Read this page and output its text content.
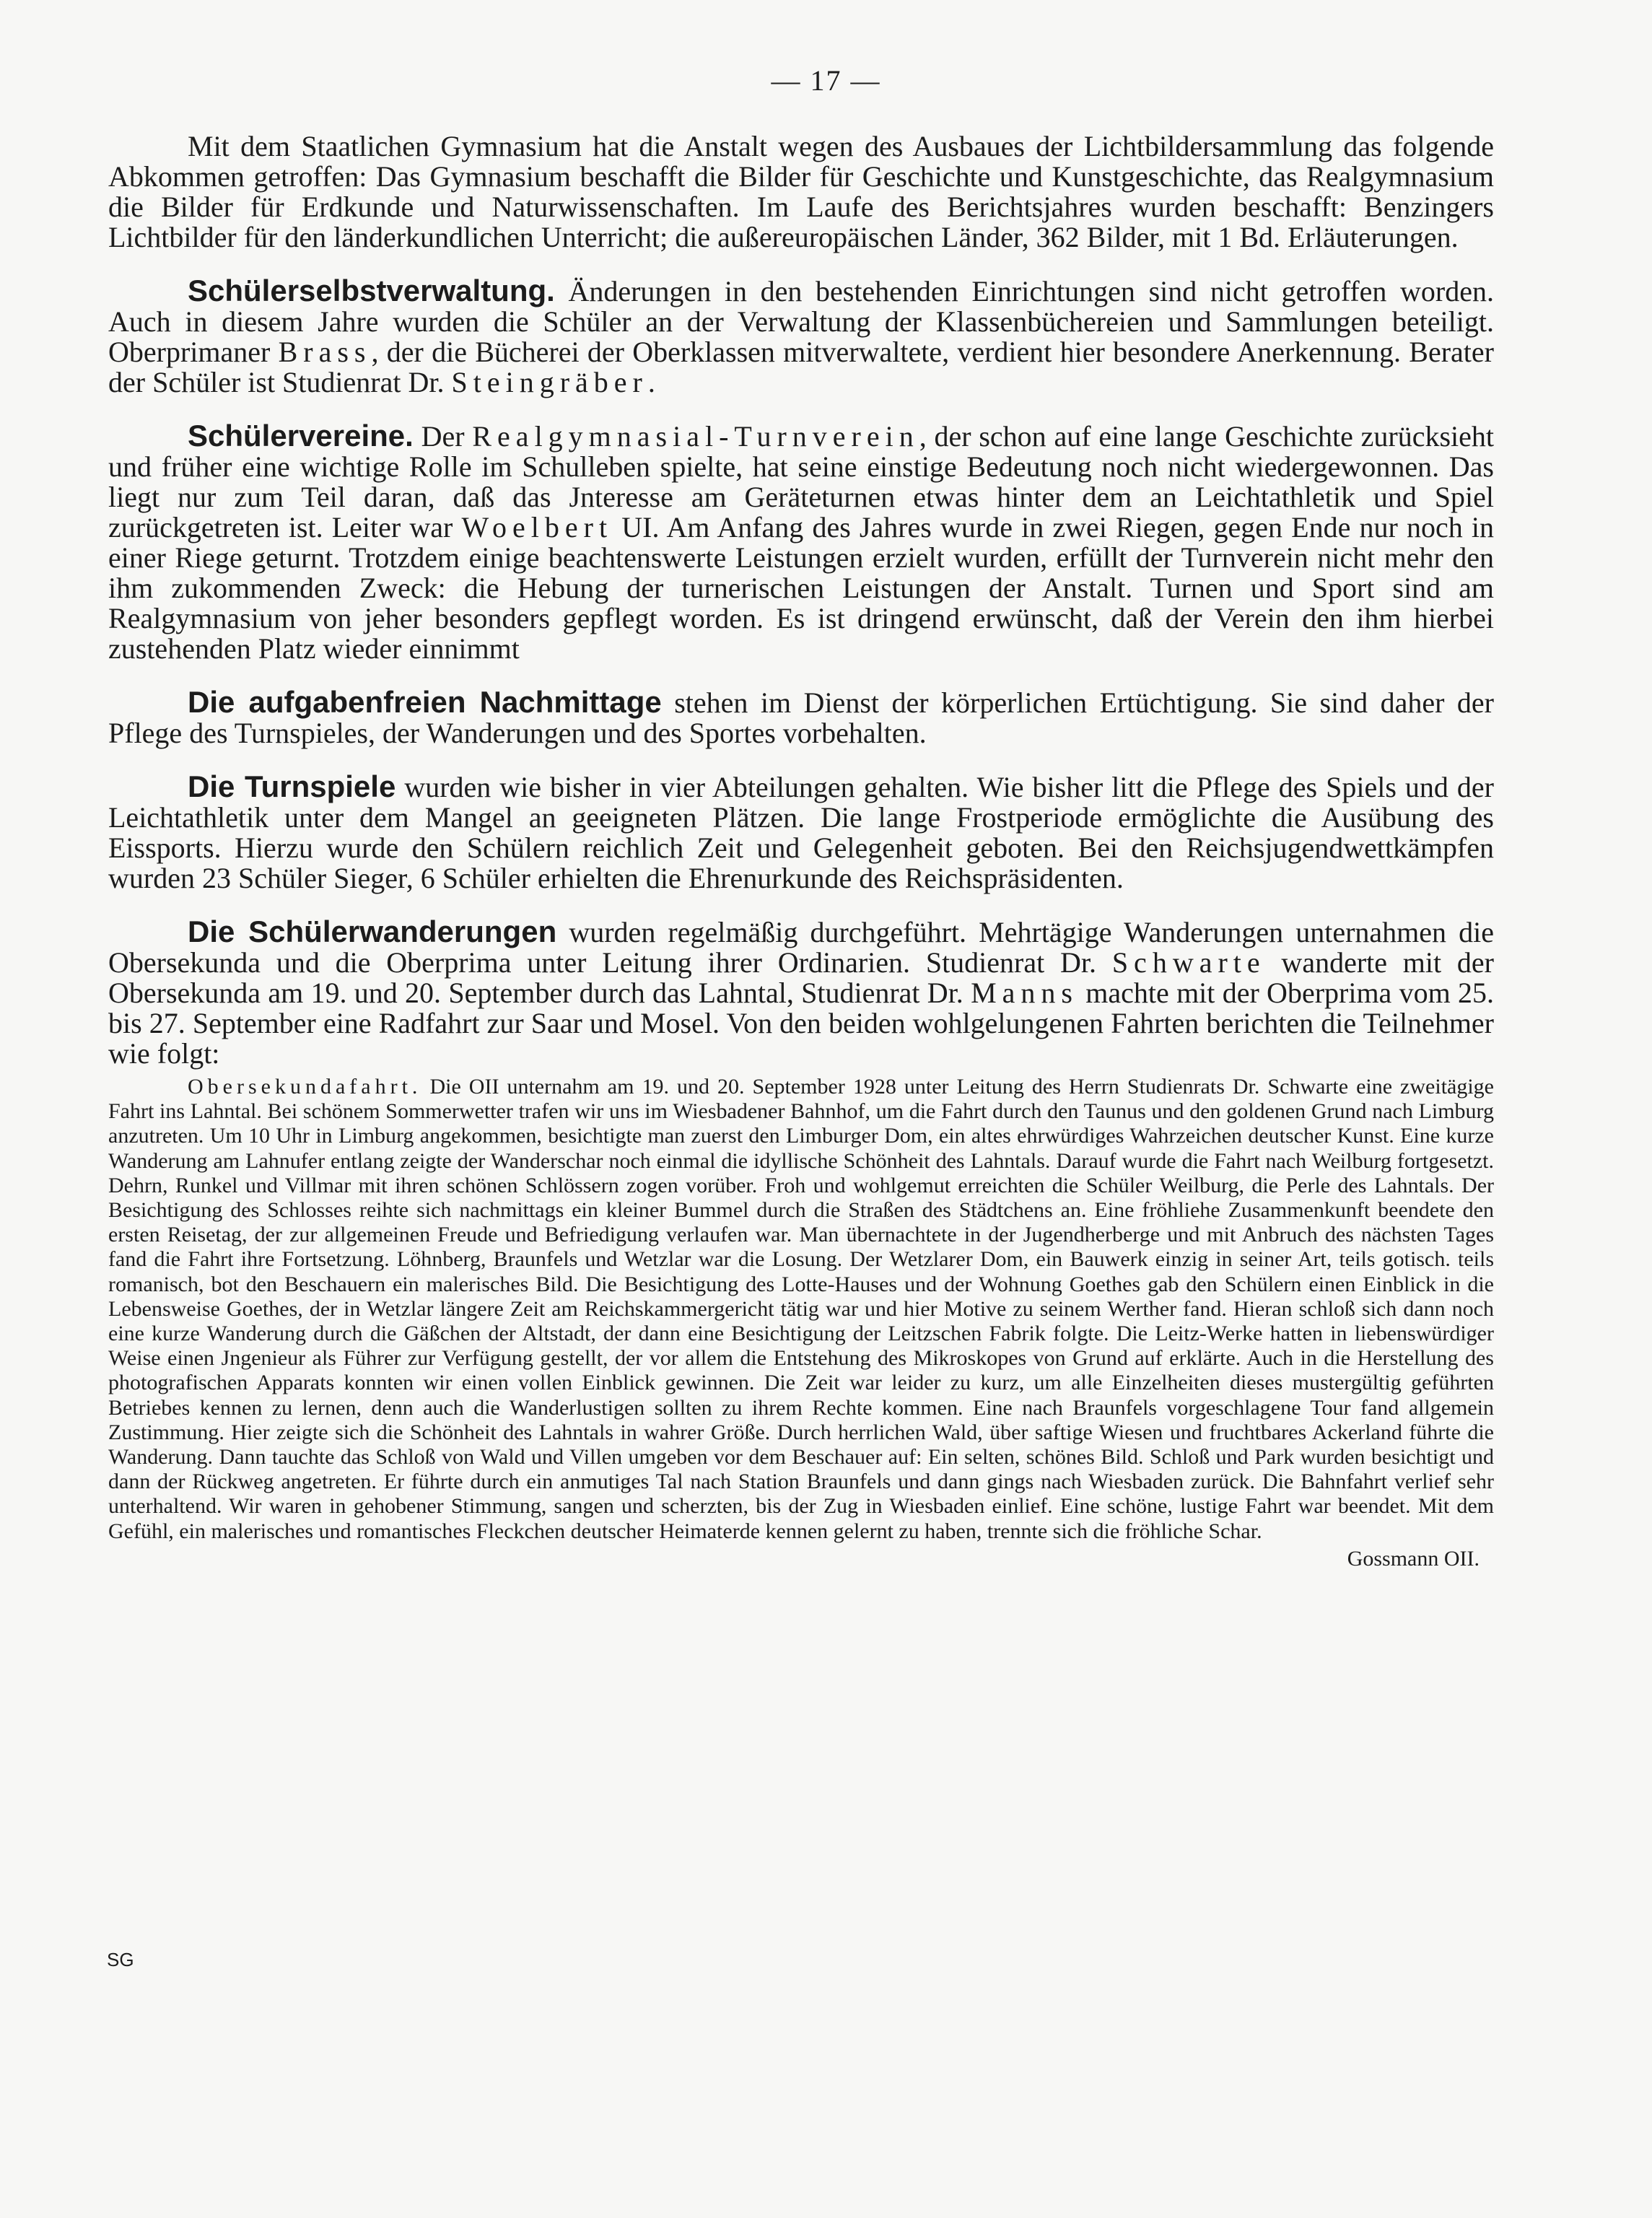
— 17 —

Mit dem Staatlichen Gymnasium hat die Anstalt wegen des Ausbaues der Lichtbildersammlung das folgende Abkommen getroffen: Das Gymnasium beschafft die Bilder für Geschichte und Kunstgeschichte, das Realgymnasium die Bilder für Erdkunde und Naturwissenschaften. Im Laufe des Berichtsjahres wurden beschafft: Benzingers Lichtbilder für den länderkundlichen Unterricht; die außereuropäischen Länder, 362 Bilder, mit 1 Bd. Erläuterungen.

Schülerselbstverwaltung. Änderungen in den bestehenden Einrichtungen sind nicht getroffen worden. Auch in diesem Jahre wurden die Schüler an der Verwaltung der Klassenbüchereien und Sammlungen beteiligt. Oberprimaner Brass, der die Bücherei der Oberklassen mitverwaltete, verdient hier besondere Anerkennung. Berater der Schüler ist Studienrat Dr. Steingräber.

Schülervereine. Der Realgymnasial-Turnverein, der schon auf eine lange Geschichte zurücksieht und früher eine wichtige Rolle im Schulleben spielte, hat seine einstige Bedeutung noch nicht wiedergewonnen. Das liegt nur zum Teil daran, daß das Jnteresse am Geräteturnen etwas hinter dem an Leichtathletik und Spiel zurückgetreten ist. Leiter war Woelbert UI. Am Anfang des Jahres wurde in zwei Riegen, gegen Ende nur noch in einer Riege geturnt. Trotzdem einige beachtenswerte Leistungen erzielt wurden, erfüllt der Turnverein nicht mehr den ihm zukommenden Zweck: die Hebung der turnerischen Leistungen der Anstalt. Turnen und Sport sind am Realgymnasium von jeher besonders gepflegt worden. Es ist dringend erwünscht, daß der Verein den ihm hierbei zustehenden Platz wieder einnimmt

Die aufgabenfreien Nachmittage stehen im Dienst der körperlichen Ertüchtigung. Sie sind daher der Pflege des Turnspieles, der Wanderungen und des Sportes vorbehalten.

Die Turnspiele wurden wie bisher in vier Abteilungen gehalten. Wie bisher litt die Pflege des Spiels und der Leichtathletik unter dem Mangel an geeigneten Plätzen. Die lange Frostperiode ermöglichte die Ausübung des Eissports. Hierzu wurde den Schülern reichlich Zeit und Gelegenheit geboten. Bei den Reichsjugendwettkämpfen wurden 23 Schüler Sieger, 6 Schüler erhielten die Ehrenurkunde des Reichspräsidenten.

Die Schülerwanderungen wurden regelmäßig durchgeführt. Mehrtägige Wanderungen unternahmen die Obersekunda und die Oberprima unter Leitung ihrer Ordinarien. Studienrat Dr. Schwarte wanderte mit der Obersekunda am 19. und 20. September durch das Lahntal, Studienrat Dr. Manns machte mit der Oberprima vom 25. bis 27. September eine Radfahrt zur Saar und Mosel. Von den beiden wohlgelungenen Fahrten berichten die Teilnehmer wie folgt:

Obersekundafahrt. Die OII unternahm am 19. und 20. September 1928 unter Leitung des Herrn Studienrats Dr. Schwarte eine zweitägige Fahrt ins Lahntal. Bei schönem Sommerwetter trafen wir uns im Wiesbadener Bahnhof, um die Fahrt durch den Taunus und den goldenen Grund nach Limburg anzutreten. Um 10 Uhr in Limburg angekommen, besichtigte man zuerst den Limburger Dom, ein altes ehrwürdiges Wahrzeichen deutscher Kunst. Eine kurze Wanderung am Lahnufer entlang zeigte der Wanderschar noch einmal die idyllische Schönheit des Lahntals. Darauf wurde die Fahrt nach Weilburg fortgesetzt. Dehrn, Runkel und Villmar mit ihren schönen Schlössern zogen vorüber. Froh und wohlgemut erreichten die Schüler Weilburg, die Perle des Lahntals. Der Besichtigung des Schlosses reihte sich nachmittags ein kleiner Bummel durch die Straßen des Städtchens an. Eine fröhliehe Zusammenkunft beendete den ersten Reisetag, der zur allgemeinen Freude und Befriedigung verlaufen war. Man übernachtete in der Jugendherberge und mit Anbruch des nächsten Tages fand die Fahrt ihre Fortsetzung. Löhnberg, Braunfels und Wetzlar war die Losung. Der Wetzlarer Dom, ein Bauwerk einzig in seiner Art, teils gotisch. teils romanisch, bot den Beschauern ein malerisches Bild. Die Besichtigung des Lotte-Hauses und der Wohnung Goethes gab den Schülern einen Einblick in die Lebensweise Goethes, der in Wetzlar längere Zeit am Reichskammergericht tätig war und hier Motive zu seinem Werther fand. Hieran schloß sich dann noch eine kurze Wanderung durch die Gäßchen der Altstadt, der dann eine Besichtigung der Leitzschen Fabrik folgte. Die Leitz-Werke hatten in liebenswürdiger Weise einen Jngenieur als Führer zur Verfügung gestellt, der vor allem die Entstehung des Mikroskopes von Grund auf erklärte. Auch in die Herstellung des photografischen Apparats konnten wir einen vollen Einblick gewinnen. Die Zeit war leider zu kurz, um alle Einzelheiten dieses mustergültig geführten Betriebes kennen zu lernen, denn auch die Wanderlustigen sollten zu ihrem Rechte kommen. Eine nach Braunfels vorgeschlagene Tour fand allgemein Zustimmung. Hier zeigte sich die Schönheit des Lahntals in wahrer Größe. Durch herrlichen Wald, über saftige Wiesen und fruchtbares Ackerland führte die Wanderung. Dann tauchte das Schloß von Wald und Villen umgeben vor dem Beschauer auf: Ein selten, schönes Bild. Schloß und Park wurden besichtigt und dann der Rückweg angetreten. Er führte durch ein anmutiges Tal nach Station Braunfels und dann gings nach Wiesbaden zurück. Die Bahnfahrt verlief sehr unterhaltend. Wir waren in gehobener Stimmung, sangen und scherzten, bis der Zug in Wiesbaden einlief. Eine schöne, lustige Fahrt war beendet. Mit dem Gefühl, ein malerisches und romantisches Fleckchen deutscher Heimaterde kennen gelernt zu haben, trennte sich die fröhliche Schar.

Gossmann OII.

SG
